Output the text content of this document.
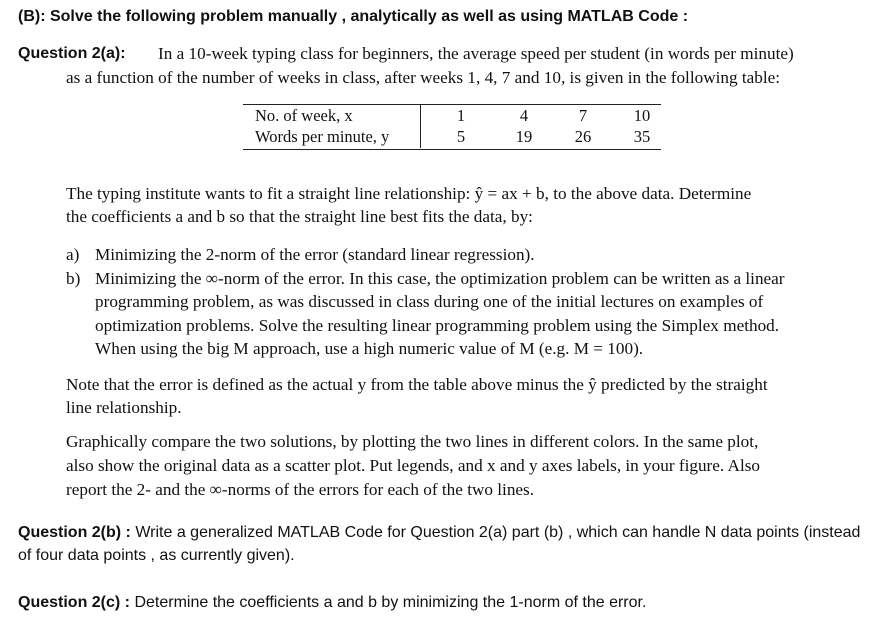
(B): Solve the following problem manually , analytically as well as using MATLAB Code :
Question 2(a): In a 10-week typing class for beginners, the average speed per student (in words per minute)
as a function of the number of weeks in class, after weeks 1, 4, 7 and 10, is given in the following table:
No. of week, x	1	4	7	10
Words per minute, y	5	19	26	35
The typing institute wants to fit a straight line relationship: ŷ = ax + b, to the above data. Determine
the coefficients a and b so that the straight line best fits the data, by:
a) Minimizing the 2-norm of the error (standard linear regression).
b) Minimizing the ∞-norm of the error. In this case, the optimization problem can be written as a linear
programming problem, as was discussed in class during one of the initial lectures on examples of
optimization problems. Solve the resulting linear programming problem using the Simplex method.
When using the big M approach, use a high numeric value of M (e.g. M = 100).
Note that the error is defined as the actual y from the table above minus the ŷ predicted by the straight
line relationship.
Graphically compare the two solutions, by plotting the two lines in different colors. In the same plot,
also show the original data as a scatter plot. Put legends, and x and y axes labels, in your figure. Also
report the 2- and the ∞-norms of the errors for each of the two lines.
Question 2(b) : Write a generalized MATLAB Code for Question 2(a) part (b) , which can handle N data points (instead of four data points , as currently given).
Question 2(c) : Determine the coefficients a and b by minimizing the 1-norm of the error.
